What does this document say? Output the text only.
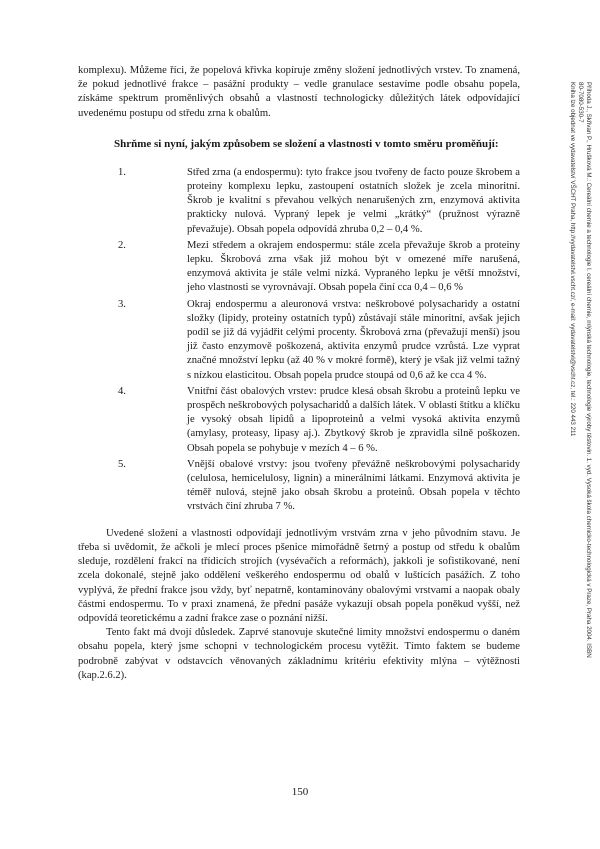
komplexu). Můžeme říci, že popelová křivka kopíruje změny složení jednotlivých vrstev. To znamená, že pokud jednotlivé frakce – pasážní produkty – vedle granulace sestavíme podle obsahu popela, získáme spektrum proměnlivých obsahů a vlastností technologicky důležitých látek odpovídající uvedenému postupu od středu zrna k obalům.

Shrňme si nyní, jakým způsobem se složení a vlastnosti v tomto směru proměňují:

1.	Střed zrna (a endospermu): tyto frakce jsou tvořeny de facto pouze škrobem a proteiny komplexu lepku, zastoupení ostatních složek je zcela minoritní. Škrob je kvalitní s převahou velkých nenarušených zrn, enzymová aktivita prakticky nulová. Vypraný lepek je velmi „krátký“ (pružnost výrazně převažuje). Obsah popela odpovídá zhruba 0,2 – 0,4 %.
2.	Mezi středem a okrajem endospermu: stále zcela převažuje škrob a proteiny lepku. Škrobová zrna však již mohou být v omezené míře narušená, enzymová aktivita je stále velmi nízká. Vypraného lepku je větší množství, jeho vlastnosti se vyrovnávají. Obsah popela činí cca 0,4 – 0,6 %
3.	Okraj endospermu a aleuronová vrstva: neškrobové polysacharidy a ostatní složky (lipidy, proteiny ostatních typů) zůstávají stále minoritní, avšak jejich podíl se již dá vyjádřit celými procenty. Škrobová zrna (převažují menší) jsou již často enzymově poškozená, aktivita enzymů prudce vzrůstá. Lze vyprat značné množství lepku (až 40 % v mokré formě), který je však již velmi tažný s nízkou elasticitou. Obsah popela prudce stoupá od 0,6 až ke cca 4 %.
4.	Vnitřní část obalových vrstev: prudce klesá obsah škrobu a proteinů lepku ve prospěch neškrobových polysacharidů a dalších látek. V oblasti štítku a klíčku je vysoký obsah lipidů a lipoproteinů a velmi vysoká aktivita enzymů (amylasy, proteasy, lipasy aj.). Zbytkový škrob je zpravidla silně poškozen. Obsah popela se pohybuje v mezích 4 – 6 %.
5.	Vnější obalové vrstvy: jsou tvořeny převážně neškrobovými polysacharidy (celulosa, hemicelulosy, lignin) a minerálními látkami. Enzymová aktivita je téměř nulová, stejně jako obsah škrobu a proteinů. Obsah popela v těchto vrstvách činí zhruba 7 %.

Uvedené složení a vlastnosti odpovídají jednotlivým vrstvám zrna v jeho původním stavu. Je třeba si uvědomit, že ačkoli je mlecí proces pšenice mimořádně šetrný a postup od středu k obalům sleduje, rozdělení frakcí na třídicích strojích (vysévačích a reformách), jakkoli je sofistikované, není zcela dokonalé, stejně jako oddělení veškerého endospermu od obalů v luštících pasážích. Z toho vyplývá, že přední frakce jsou vždy, byť nepatrně, kontaminovány obalovými vrstvami a naopak obaly částmi endospermu. To v praxi znamená, že přední pasáže vykazují obsah popela poněkud vyšší, než odpovídá teoretickému a zadní frakce zase o poznání nižší.

Tento fakt má dvojí důsledek. Zaprvé stanovuje skutečné limity množství endospermu o daném obsahu popela, který jsme schopni v technologickém procesu vytěžit. Tímto faktem se budeme podrobně zabývat v odstavcích věnovaných základnímu kritériu efektivity mlýna – výtěžnosti (kap.2.6.2).

150
Příhoda J., Skřivan P., Hrušková M.: Cereální chemie a technologie I. cereální chemie, mlýnská technologie, technologie výroby těstovin. 1. vyd. Vysoká škola chemicko-technologická v Praze, Praha 2004. ISBN
80-7080-530-7
Kniha lze objednat ve vydavatelství VŠCHT Praha, http://vydavatelstvi.vscht.cz/, e-mail: vydavatelstvi@vscht.cz, tel.: 220 443 211
